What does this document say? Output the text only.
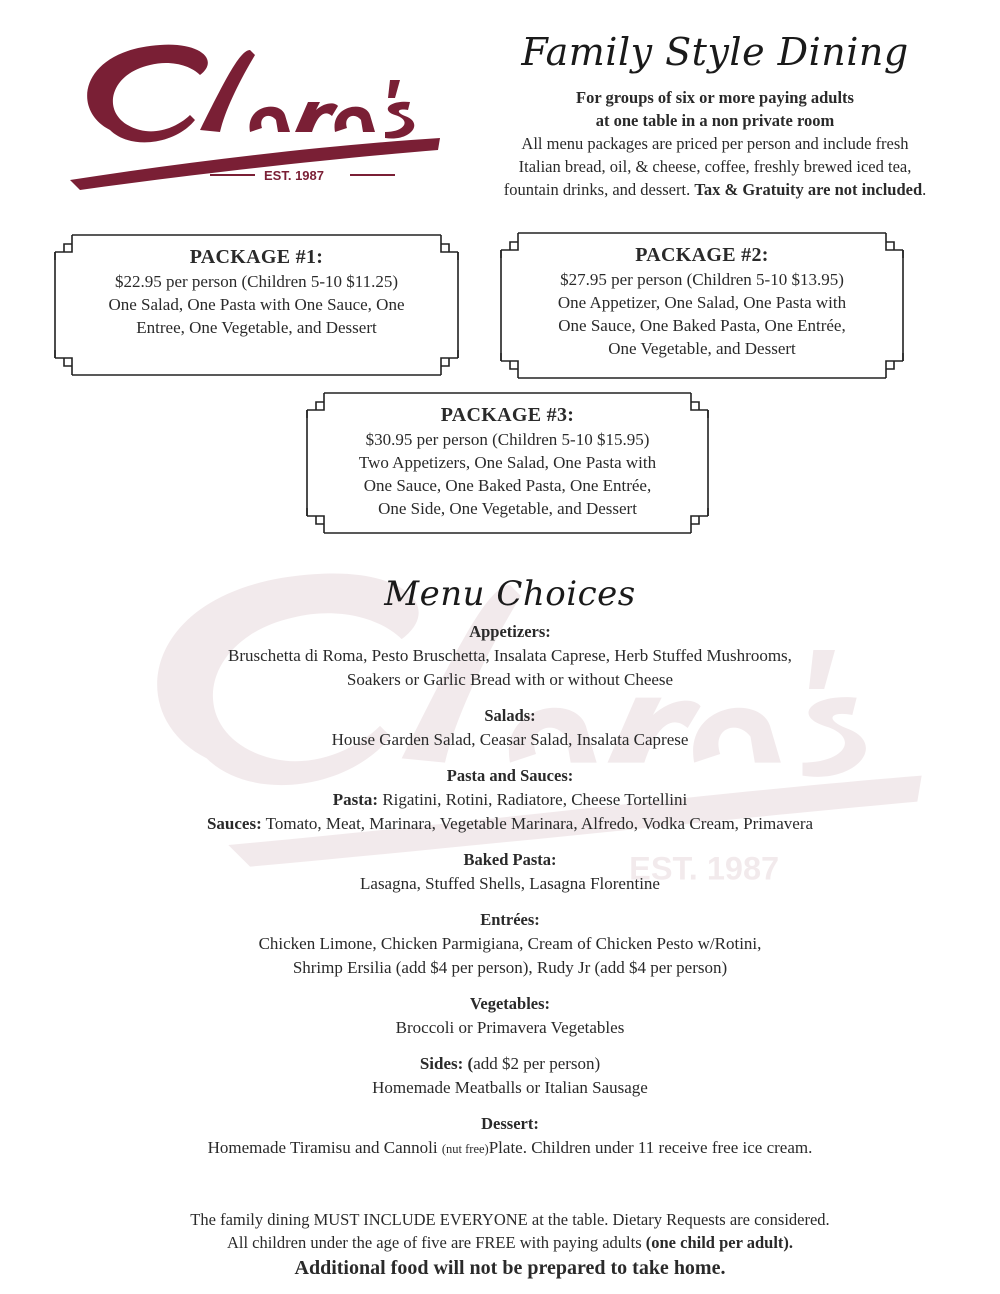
EST. 1987
EST. 1987
Family Style Dining
For groups of six or more paying adults
at one table in a non private room
All menu packages are priced per person and include fresh
Italian bread, oil, & cheese, coffee, freshly brewed iced tea,
fountain drinks, and dessert. Tax & Gratuity are not included.
PACKAGE #1:
$22.95 per person (Children 5-10 $11.25)
One Salad, One Pasta with One Sauce, One
Entree, One Vegetable, and Dessert
PACKAGE #2:
$27.95 per person (Children 5-10 $13.95)
One Appetizer, One Salad, One Pasta with
One Sauce, One Baked Pasta, One Entrée,
One Vegetable, and Dessert
PACKAGE #3:
$30.95 per person (Children 5-10 $15.95)
Two Appetizers, One Salad, One Pasta with
One Sauce, One Baked Pasta, One Entrée,
One Side, One Vegetable, and Dessert
Menu Choices
Appetizers:
Bruschetta di Roma, Pesto Bruschetta, Insalata Caprese, Herb Stuffed Mushrooms,
Soakers or Garlic Bread with or without Cheese
Salads:
House Garden Salad, Ceasar Salad, Insalata Caprese
Pasta and Sauces:
Pasta: Rigatini, Rotini, Radiatore, Cheese Tortellini
Sauces: Tomato, Meat, Marinara, Vegetable Marinara, Alfredo, Vodka Cream, Primavera
Baked Pasta:
Lasagna, Stuffed Shells, Lasagna Florentine
Entrées:
Chicken Limone, Chicken Parmigiana, Cream of Chicken Pesto w/Rotini,
Shrimp Ersilia (add $4 per person), Rudy Jr (add $4 per person)
Vegetables:
Broccoli or Primavera Vegetables
Sides: (add $2 per person)
Homemade Meatballs or Italian Sausage
Dessert:
Homemade Tiramisu and Cannoli (nut free)Plate. Children under 11 receive free ice cream.
The family dining MUST INCLUDE EVERYONE at the table. Dietary Requests are considered.
All children under the age of five are FREE with paying adults (one child per adult).
Additional food will not be prepared to take home.
